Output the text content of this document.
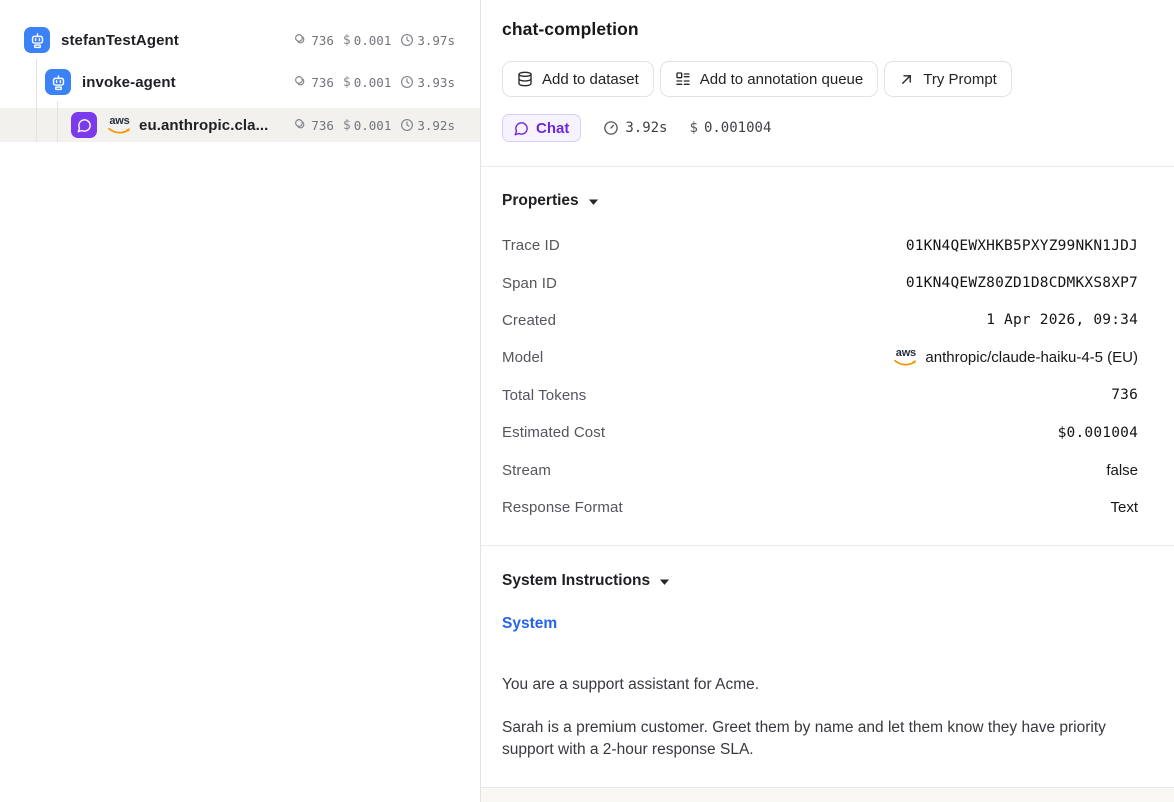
stefanTestAgent	736 $ 0.001 3.97s
invoke-agent	736 $ 0.001 3.93s
aws eu.anthropic.cla...	736 $ 0.001 3.92s
chat-completion
Add to dataset	Add to annotation queue	Try Prompt
Chat	3.92s $ 0.001004
Properties
Trace ID	01KN4QEWXHKB5PXYZ99NKN1JDJ
Span ID	01KN4QEWZ80ZD1D8CDMKXS8XP7
Created	1 Apr 2026, 09:34
Model	aws anthropic/claude-haiku-4-5 (EU)
Total Tokens	736
Estimated Cost	$0.001004
Stream	false
Response Format	Text
System Instructions
System

You are a support assistant for Acme.

Sarah is a premium customer. Greet them by name and let them know they have priority support with a 2-hour response SLA.
